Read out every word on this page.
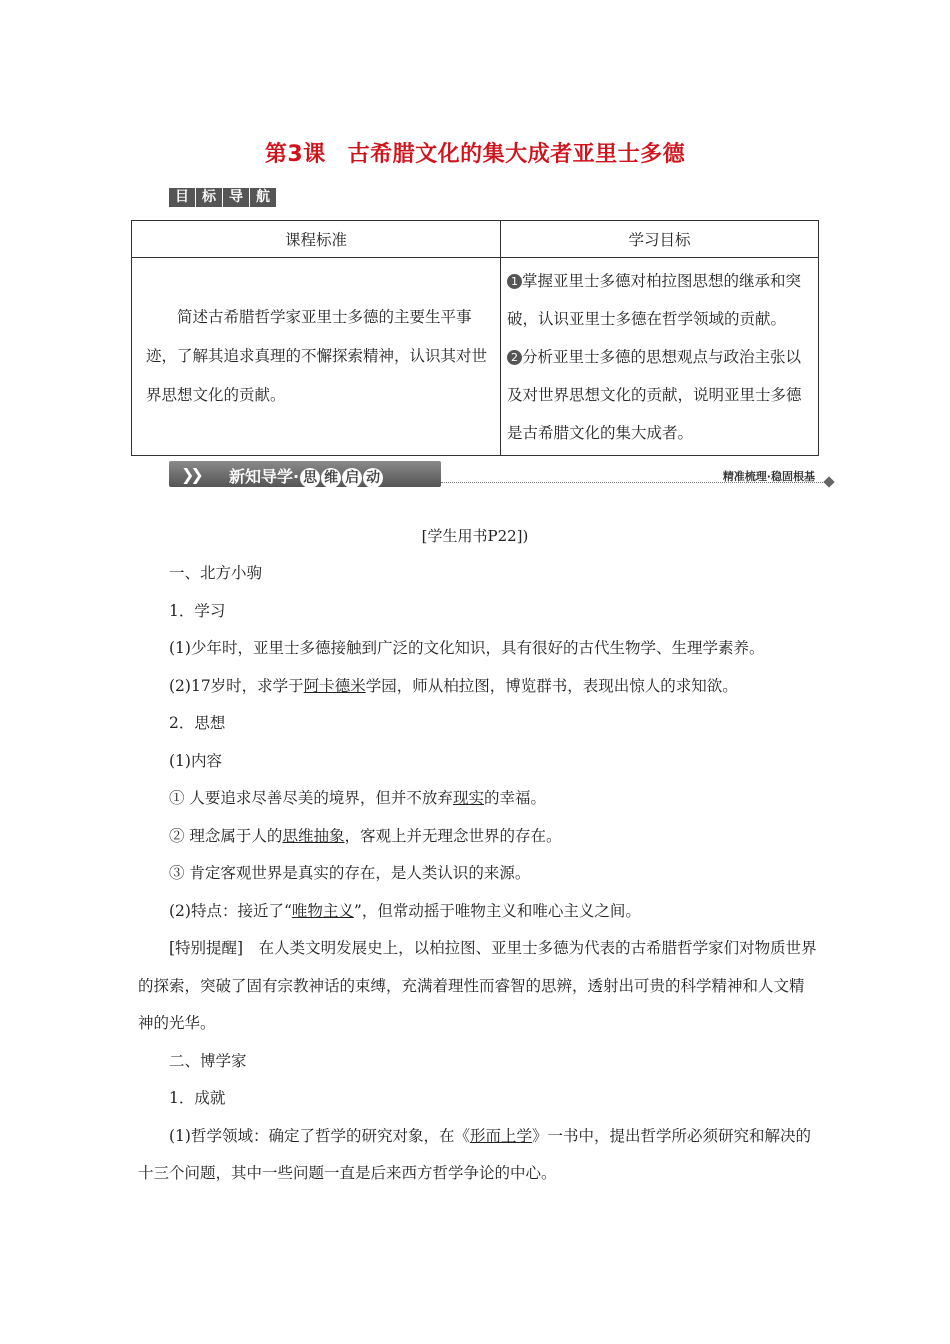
第3课 古希腊文化的集大成者亚里士多德
目 标 导 航
课程标准	学习目标

简述古希腊哲学家亚里士多德的主要生平事迹，了解其追求真理的不懈探索精神，认识其对世界思想文化的贡献。	1 掌握亚里士多德对柏拉图思想的继承和突破，认识亚里士多德在哲学领域的贡献。
2 分析亚里士多德的思想观点与政治主张以及对世界思想文化的贡献，说明亚里士多德是古希腊文化的集大成者。
❯❯ 新知导学· 思 维 启 动	精准梳理·稳固根基
[学生用书P22])

一、北方小驹

1．学习

(1)少年时，亚里士多德接触到广泛的文化知识，具有很好的古代生物学、生理学素养。

(2)17岁时，求学于阿卡德米学园，师从柏拉图，博览群书，表现出惊人的求知欲。

2．思想

(1)内容

① 人要追求尽善尽美的境界，但并不放弃现实的幸福。

② 理念属于人的思维抽象，客观上并无理念世界的存在。

③ 肯定客观世界是真实的存在，是人类认识的来源。

(2)特点：接近了“唯物主义”，但常动摇于唯物主义和唯心主义之间。

[特别提醒]　在人类文明发展史上，以柏拉图、亚里士多德为代表的古希腊哲学家们对物质世界的探索，突破了固有宗教神话的束缚，充满着理性而睿智的思辨，透射出可贵的科学精神和人文精神的光华。

二、博学家

1．成就

(1)哲学领域：确定了哲学的研究对象，在《形而上学》一书中，提出哲学所必须研究和解决的十三个问题，其中一些问题一直是后来西方哲学争论的中心。
